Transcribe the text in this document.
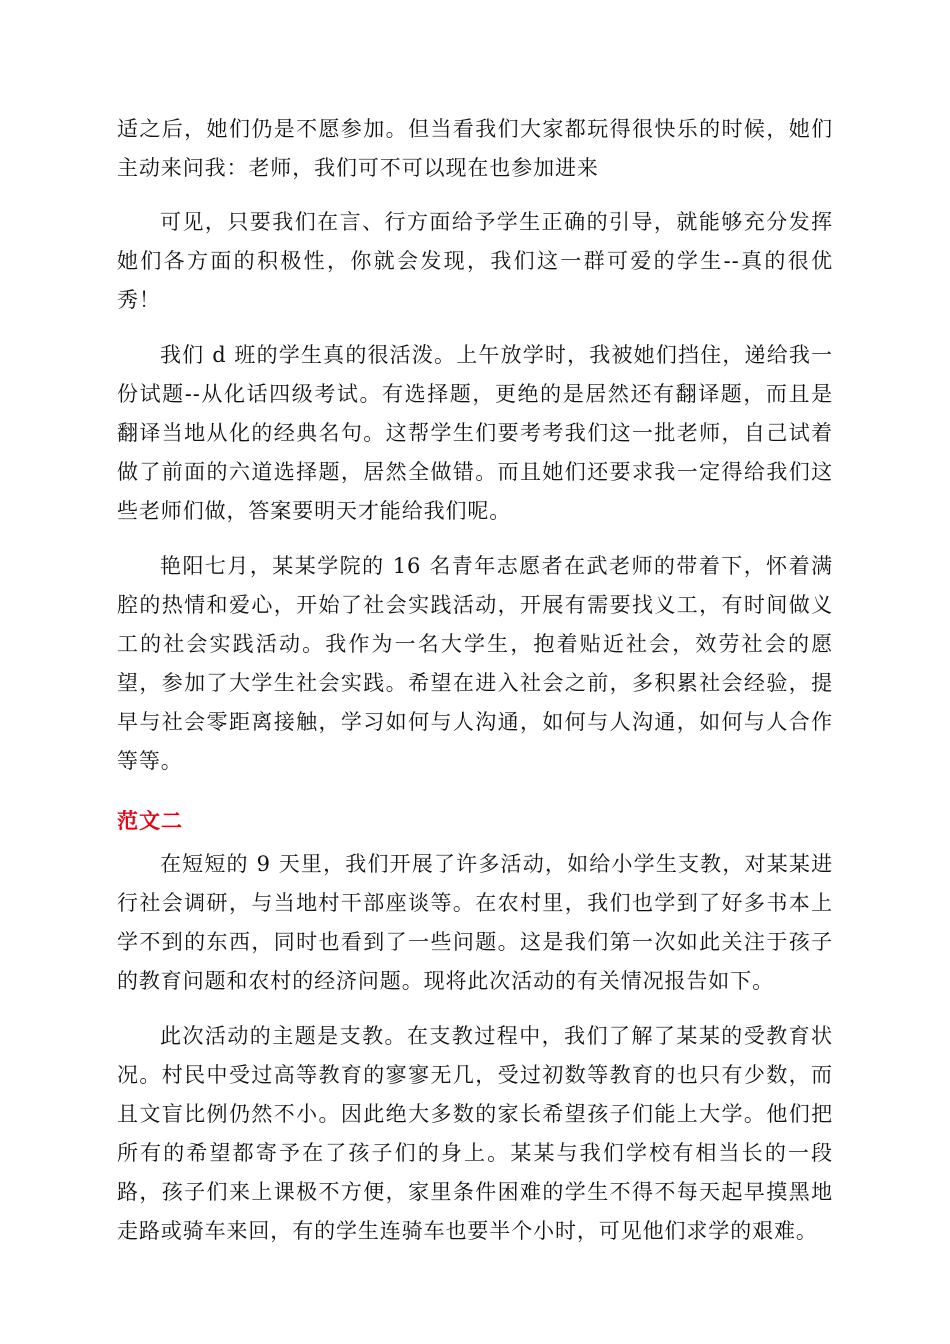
适之后，她们仍是不愿参加。但当看我们大家都玩得很快乐的时候，她们主动来问我：老师，我们可不可以现在也参加进来

可见，只要我们在言、行方面给予学生正确的引导，就能够充分发挥她们各方面的积极性，你就会发现，我们这一群可爱的学生--真的很优秀！

我们 d 班的学生真的很活泼。上午放学时，我被她们挡住，递给我一份试题--从化话四级考试。有选择题，更绝的是居然还有翻译题，而且是翻译当地从化的经典名句。这帮学生们要考考我们这一批老师，自己试着做了前面的六道选择题，居然全做错。而且她们还要求我一定得给我们这些老师们做，答案要明天才能给我们呢。

艳阳七月，某某学院的 16 名青年志愿者在武老师的带着下，怀着满腔的热情和爱心，开始了社会实践活动，开展有需要找义工，有时间做义工的社会实践活动。我作为一名大学生，抱着贴近社会，效劳社会的愿望，参加了大学生社会实践。希望在进入社会之前，多积累社会经验，提早与社会零距离接触，学习如何与人沟通，如何与人沟通，如何与人合作等等。

范文二

在短短的 9 天里，我们开展了许多活动，如给小学生支教，对某某进行社会调研，与当地村干部座谈等。在农村里，我们也学到了好多书本上学不到的东西，同时也看到了一些问题。这是我们第一次如此关注于孩子的教育问题和农村的经济问题。现将此次活动的有关情况报告如下。

此次活动的主题是支教。在支教过程中，我们了解了某某的受教育状况。村民中受过高等教育的寥寥无几，受过初数等教育的也只有少数，而且文盲比例仍然不小。因此绝大多数的家长希望孩子们能上大学。他们把所有的希望都寄予在了孩子们的身上。某某与我们学校有相当长的一段路，孩子们来上课极不方便，家里条件困难的学生不得不每天起早摸黑地走路或骑车来回，有的学生连骑车也要半个小时，可见他们求学的艰难。
